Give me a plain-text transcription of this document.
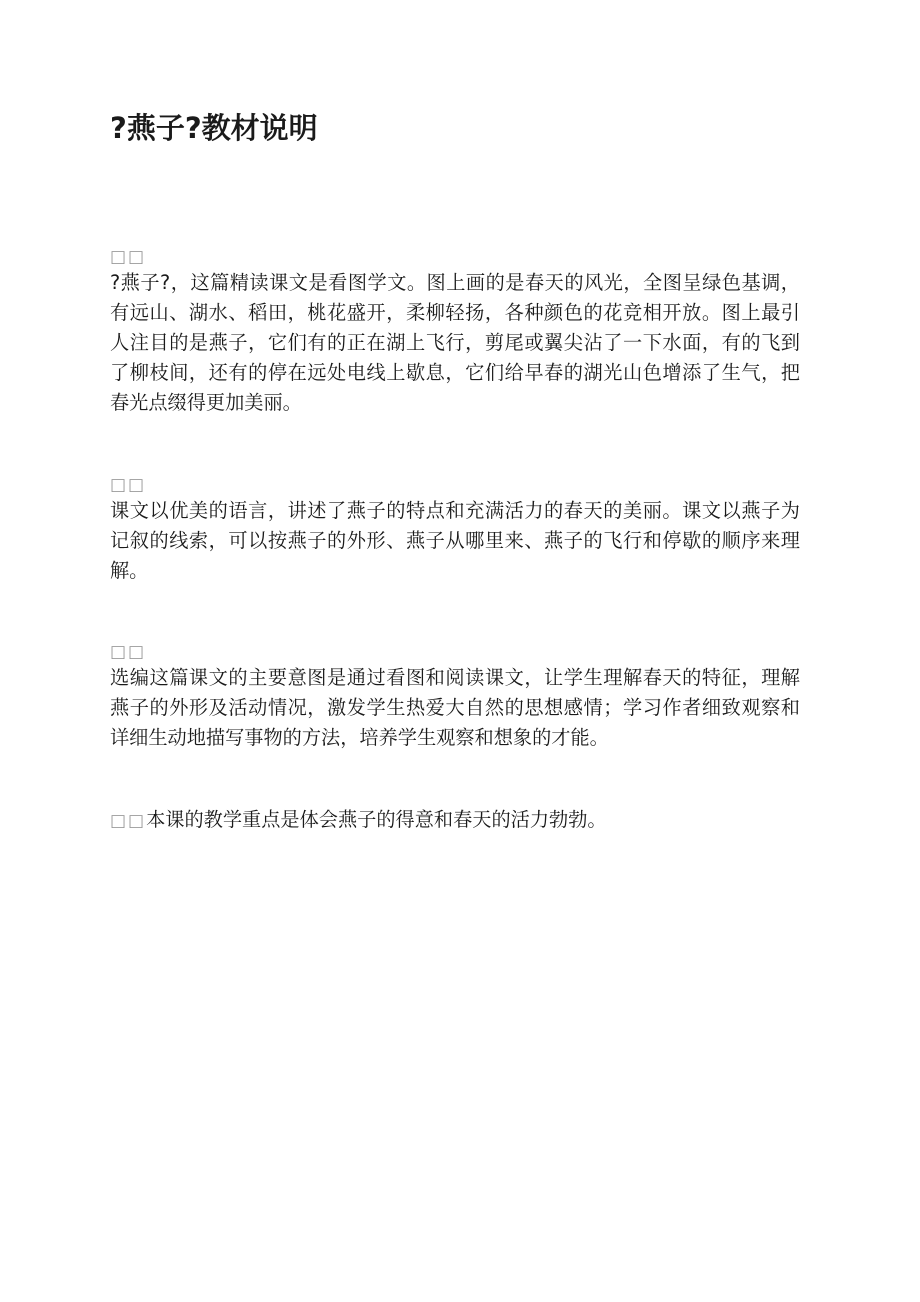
?燕子?教材说明
□□

?燕子?，这篇精读课文是看图学文。图上画的是春天的风光，全图呈绿色基调，有远山、湖水、稻田，桃花盛开，柔柳轻扬，各种颜色的花竞相开放。图上最引人注目的是燕子，它们有的正在湖上飞行，剪尾或翼尖沾了一下水面，有的飞到了柳枝间，还有的停在远处电线上歇息，它们给早春的湖光山色增添了生气，把春光点缀得更加美丽。

□□

课文以优美的语言，讲述了燕子的特点和充满活力的春天的美丽。课文以燕子为记叙的线索，可以按燕子的外形、燕子从哪里来、燕子的飞行和停歇的顺序来理解。

□□

选编这篇课文的主要意图是通过看图和阅读课文，让学生理解春天的特征，理解燕子的外形及活动情况，激发学生热爱大自然的思想感情；学习作者细致观察和详细生动地描写事物的方法，培养学生观察和想象的才能。

□□本课的教学重点是体会燕子的得意和春天的活力勃勃。
